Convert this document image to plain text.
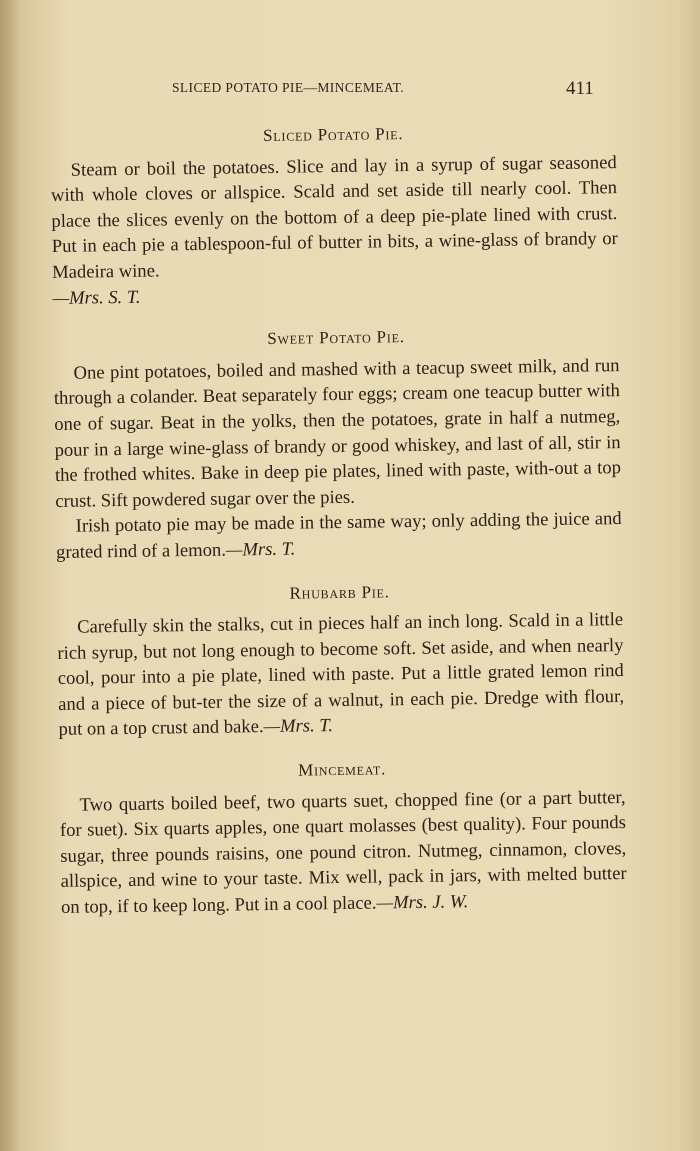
SLICED POTATO PIE—MINCEMEAT.	411
Sliced Potato Pie.

Steam or boil the potatoes. Slice and lay in a syrup of sugar seasoned with whole cloves or allspice. Scald and set aside till nearly cool. Then place the slices evenly on the bottom of a deep pie-plate lined with crust. Put in each pie a tablespoon-ful of butter in bits, a wine-glass of brandy or Madeira wine.
—Mrs. S. T.

Sweet Potato Pie.

One pint potatoes, boiled and mashed with a teacup sweet milk, and run through a colander. Beat separately four eggs; cream one teacup butter with one of sugar. Beat in the yolks, then the potatoes, grate in half a nutmeg, pour in a large wine-glass of brandy or good whiskey, and last of all, stir in the frothed whites. Bake in deep pie plates, lined with paste, with-out a top crust. Sift powdered sugar over the pies.

Irish potato pie may be made in the same way; only adding the juice and grated rind of a lemon.—Mrs. T.

Rhubarb Pie.

Carefully skin the stalks, cut in pieces half an inch long. Scald in a little rich syrup, but not long enough to become soft. Set aside, and when nearly cool, pour into a pie plate, lined with paste. Put a little grated lemon rind and a piece of but-ter the size of a walnut, in each pie. Dredge with flour, put on a top crust and bake.—Mrs. T.

Mincemeat.

Two quarts boiled beef, two quarts suet, chopped fine (or a part butter, for suet). Six quarts apples, one quart molasses (best quality). Four pounds sugar, three pounds raisins, one pound citron. Nutmeg, cinnamon, cloves, allspice, and wine to your taste. Mix well, pack in jars, with melted butter on top, if to keep long. Put in a cool place.—Mrs. J. W.
